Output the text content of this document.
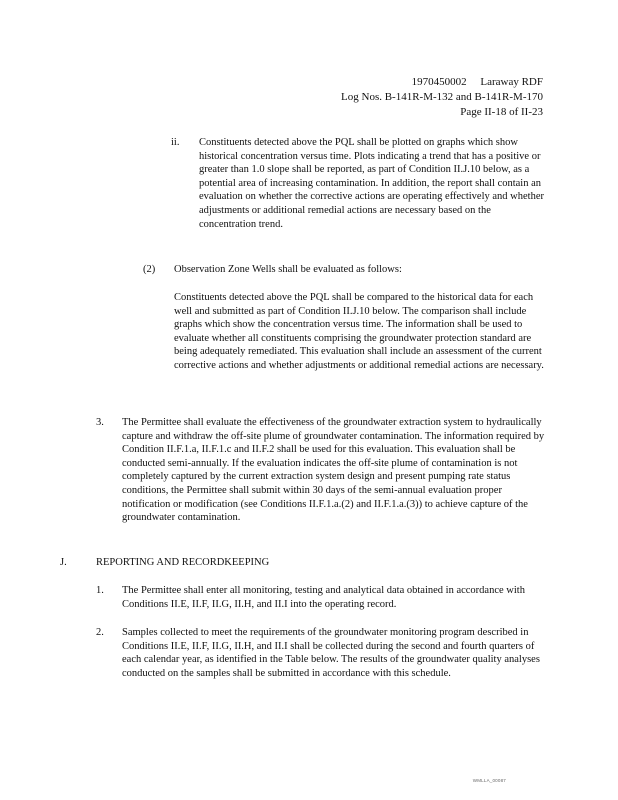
1970450002     Laraway RDF
Log Nos. B-141R-M-132 and B-141R-M-170
Page II-18 of II-23
ii. Constituents detected above the PQL shall be plotted on graphs which show historical concentration versus time. Plots indicating a trend that has a positive or greater than 1.0 slope shall be reported, as part of Condition II.J.10 below, as a potential area of increasing contamination. In addition, the report shall contain an evaluation on whether the corrective actions are operating effectively and whether adjustments or additional remedial actions are necessary based on the concentration trend.

(2) Observation Zone Wells shall be evaluated as follows:

Constituents detected above the PQL shall be compared to the historical data for each well and submitted as part of Condition II.J.10 below. The comparison shall include graphs which show the concentration versus time. The information shall be used to evaluate whether all constituents comprising the groundwater protection standard are being adequately remediated. This evaluation shall include an assessment of the current corrective actions and whether adjustments or additional remedial actions are necessary.

3. The Permittee shall evaluate the effectiveness of the groundwater extraction system to hydraulically capture and withdraw the off-site plume of groundwater contamination. The information required by Condition II.F.1.a, II.F.1.c and II.F.2 shall be used for this evaluation. This evaluation shall be conducted semi-annually. If the evaluation indicates the off-site plume of contamination is not completely captured by the current extraction system design and present pumping rate status conditions, the Permittee shall submit within 30 days of the semi-annual evaluation proper notification or modification (see Conditions II.F.1.a.(2) and II.F.1.a.(3)) to achieve capture of the groundwater contamination.

J.	REPORTING AND RECORDKEEPING
1. The Permittee shall enter all monitoring, testing and analytical data obtained in accordance with Conditions II.E, II.F, II.G, II.H, and II.I into the operating record.

2. Samples collected to meet the requirements of the groundwater monitoring program described in Conditions II.E, II.F, II.G, II.H, and II.I shall be collected during the second and fourth quarters of each calendar year, as identified in the Table below. The results of the groundwater quality analyses conducted on the samples shall be submitted in accordance with this schedule.

WMLLA_00087
